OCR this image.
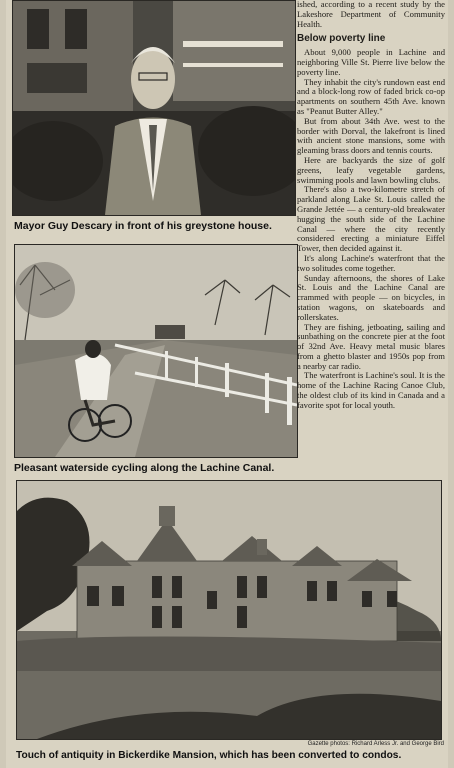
Mayor Guy Descary in front of his greystone house.
Pleasant waterside cycling along the Lachine Canal.

ished, according to a recent study by the Lakeshore Department of Community Health.

Below poverty line

About 9,000 people in Lachine and neighboring Ville St. Pierre live below the poverty line.

They inhabit the city's rundown east end and a block-long row of faded brick co-op apartments on southern 45th Ave. known as "Peanut Butter Alley."

But from about 34th Ave. west to the border with Dorval, the lakefront is lined with ancient stone mansions, some with gleaming brass doors and tennis courts.

Here are backyards the size of golf greens, leafy vegetable gardens, swimming pools and lawn bowling clubs.

There's also a two-kilometre stretch of parkland along Lake St. Louis called the Grande Jettée — a century-old breakwater hugging the south side of the Lachine Canal — where the city recently considered erecting a miniature Eiffel Tower, then decided against it.

It's along Lachine's waterfront that the two solitudes come together.

Sunday afternoons, the shores of Lake St. Louis and the Lachine Canal are crammed with people — on bicycles, in station wagons, on skateboards and rollerskates.

They are fishing, jetboating, sailing and sunbathing on the concrete pier at the foot of 32nd Ave. Heavy metal music blares from a ghetto blaster and 1950s pop from a nearby car radio.

The waterfront is Lachine's soul. It is the home of the Lachine Racing Canoe Club, the oldest club of its kind in Canada and a favorite spot for local youth.

Gazette photos: Richard Arless Jr. and George Bird
Touch of antiquity in Bickerdike Mansion, which has been converted to condos.
